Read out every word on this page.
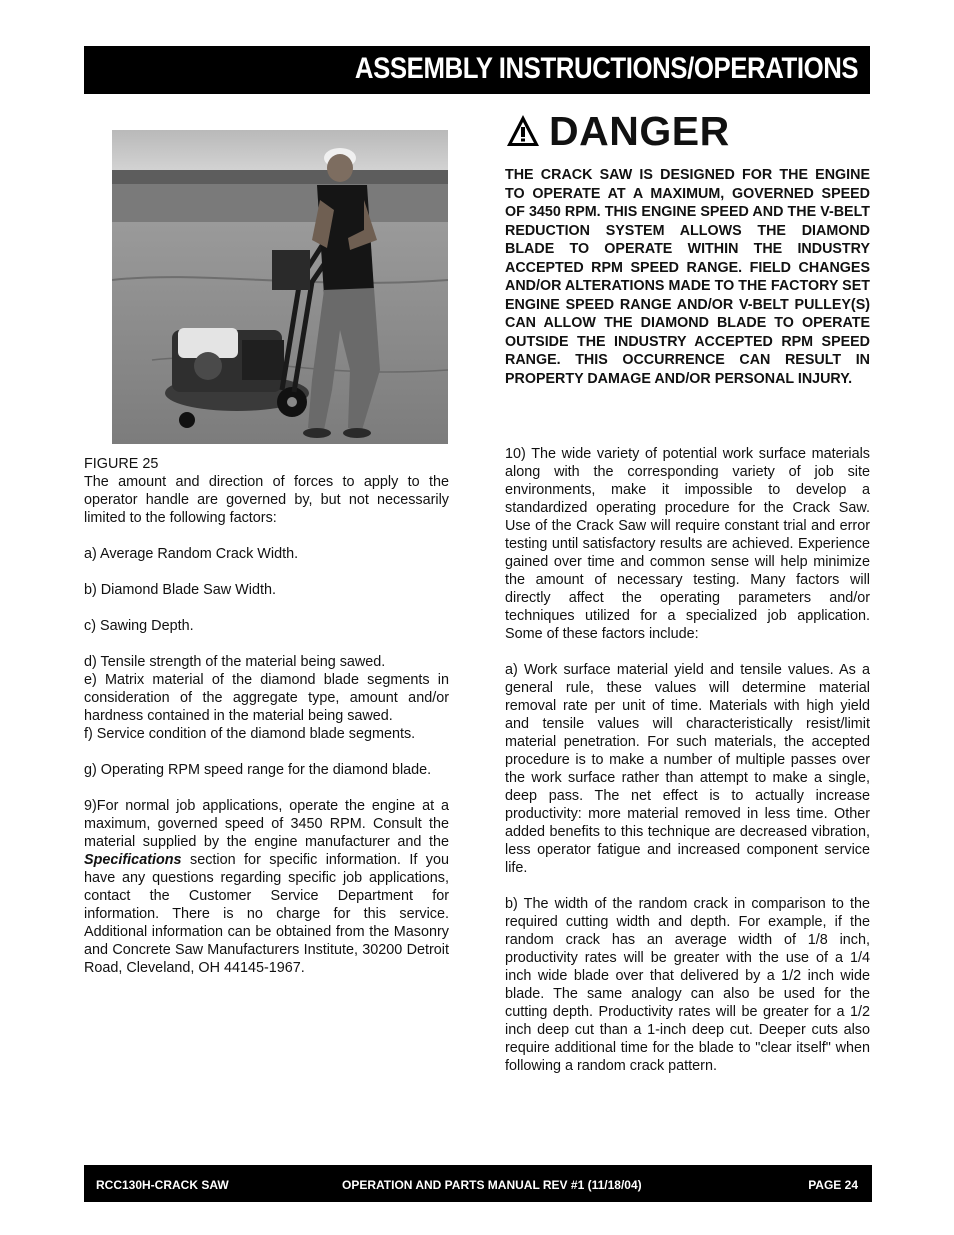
ASSEMBLY INSTRUCTIONS/OPERATIONS
DANGER
THE CRACK SAW IS DESIGNED FOR THE ENGINE TO OPERATE AT A MAXIMUM, GOVERNED SPEED OF 3450 RPM. THIS ENGINE SPEED AND THE V-BELT REDUCTION SYSTEM ALLOWS THE DIAMOND BLADE TO OPERATE WITHIN THE INDUSTRY ACCEPTED RPM SPEED RANGE. FIELD CHANGES AND/OR ALTERATIONS MADE TO THE FACTORY SET ENGINE SPEED RANGE AND/OR V-BELT PULLEY(S) CAN ALLOW THE DIAMOND BLADE TO OPERATE OUTSIDE THE INDUSTRY ACCEPTED RPM SPEED RANGE. THIS OCCURRENCE CAN RESULT IN PROPERTY DAMAGE AND/OR PERSONAL INJURY.

FIGURE 25

The amount and direction of forces to apply to the operator handle are governed by, but not necessarily limited to the following factors:

a) Average Random Crack Width.

b) Diamond Blade Saw Width.

c) Sawing Depth.

d) Tensile strength of the material being sawed.

e) Matrix material of the diamond blade segments in consideration of the aggregate type, amount and/or hardness contained in the material being sawed.

f) Service condition of the diamond blade segments.

g) Operating RPM speed range for the diamond blade.

9)For normal job applications, operate the engine at a maximum, governed speed of 3450 RPM. Consult the material supplied by the engine manufacturer and the Specifications section for specific information. If you have any questions regarding specific job applications, contact the Customer Service Department for information. There is no charge for this service. Additional information can be obtained from the Masonry and Concrete Saw Manufacturers Institute, 30200 Detroit Road, Cleveland, OH 44145-1967.

10) The wide variety of potential work surface materials along with the corresponding variety of job site environments, make it impossible to develop a standardized operating procedure for the Crack Saw. Use of the Crack Saw will require constant trial and error testing until satisfactory results are achieved. Experience gained over time and common sense will help minimize the amount of necessary testing. Many factors will directly affect the operating parameters and/or techniques utilized for a specialized job application. Some of these factors include:

a) Work surface material yield and tensile values. As a general rule, these values will determine material removal rate per unit of time. Materials with high yield and tensile values will characteristically resist/limit material penetration. For such materials, the accepted procedure is to make a number of multiple passes over the work surface rather than attempt to make a single, deep pass. The net effect is to actually increase productivity: more material removed in less time. Other added benefits to this technique are decreased vibration, less operator fatigue and increased component service life.

b) The width of the random crack in comparison to the required cutting width and depth. For example, if the random crack has an average width of 1/8 inch, productivity rates will be greater with the use of a 1/4 inch wide blade over that delivered by a 1/2 inch wide blade. The same analogy can also be used for the cutting depth. Productivity rates will be greater for a 1/2 inch deep cut than a 1-inch deep cut. Deeper cuts also require additional time for the blade to "clear itself" when following a random crack pattern.

RCC130H-CRACK SAW	OPERATION AND PARTS MANUAL REV #1 (11/18/04)	PAGE 24
